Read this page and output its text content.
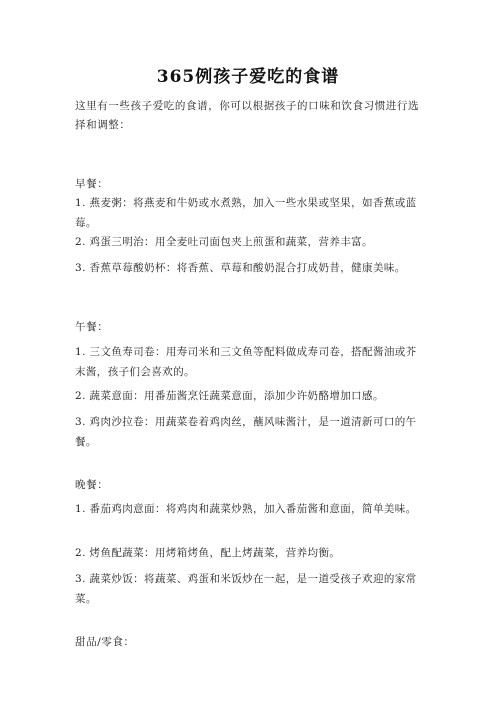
365例孩子爱吃的食谱

这里有一些孩子爱吃的食谱，你可以根据孩子的口味和饮食习惯进行选择和调整：

早餐：

1. 燕麦粥：将燕麦和牛奶或水煮熟，加入一些水果或坚果，如香蕉或蓝莓。

2. 鸡蛋三明治：用全麦吐司面包夹上煎蛋和蔬菜，营养丰富。

3. 香蕉草莓酸奶杯：将香蕉、草莓和酸奶混合打成奶昔，健康美味。

午餐：

1. 三文鱼寿司卷：用寿司米和三文鱼等配料做成寿司卷，搭配酱油或芥末酱，孩子们会喜欢的。

2. 蔬菜意面：用番茄酱烹饪蔬菜意面，添加少许奶酪增加口感。

3. 鸡肉沙拉卷：用蔬菜卷着鸡肉丝，蘸风味酱汁，是一道清新可口的午餐。

晚餐：

1. 番茄鸡肉意面：将鸡肉和蔬菜炒熟，加入番茄酱和意面，简单美味。

2. 烤鱼配蔬菜：用烤箱烤鱼，配上烤蔬菜，营养均衡。

3. 蔬菜炒饭：将蔬菜、鸡蛋和米饭炒在一起，是一道受孩子欢迎的家常菜。

甜品/零食：
